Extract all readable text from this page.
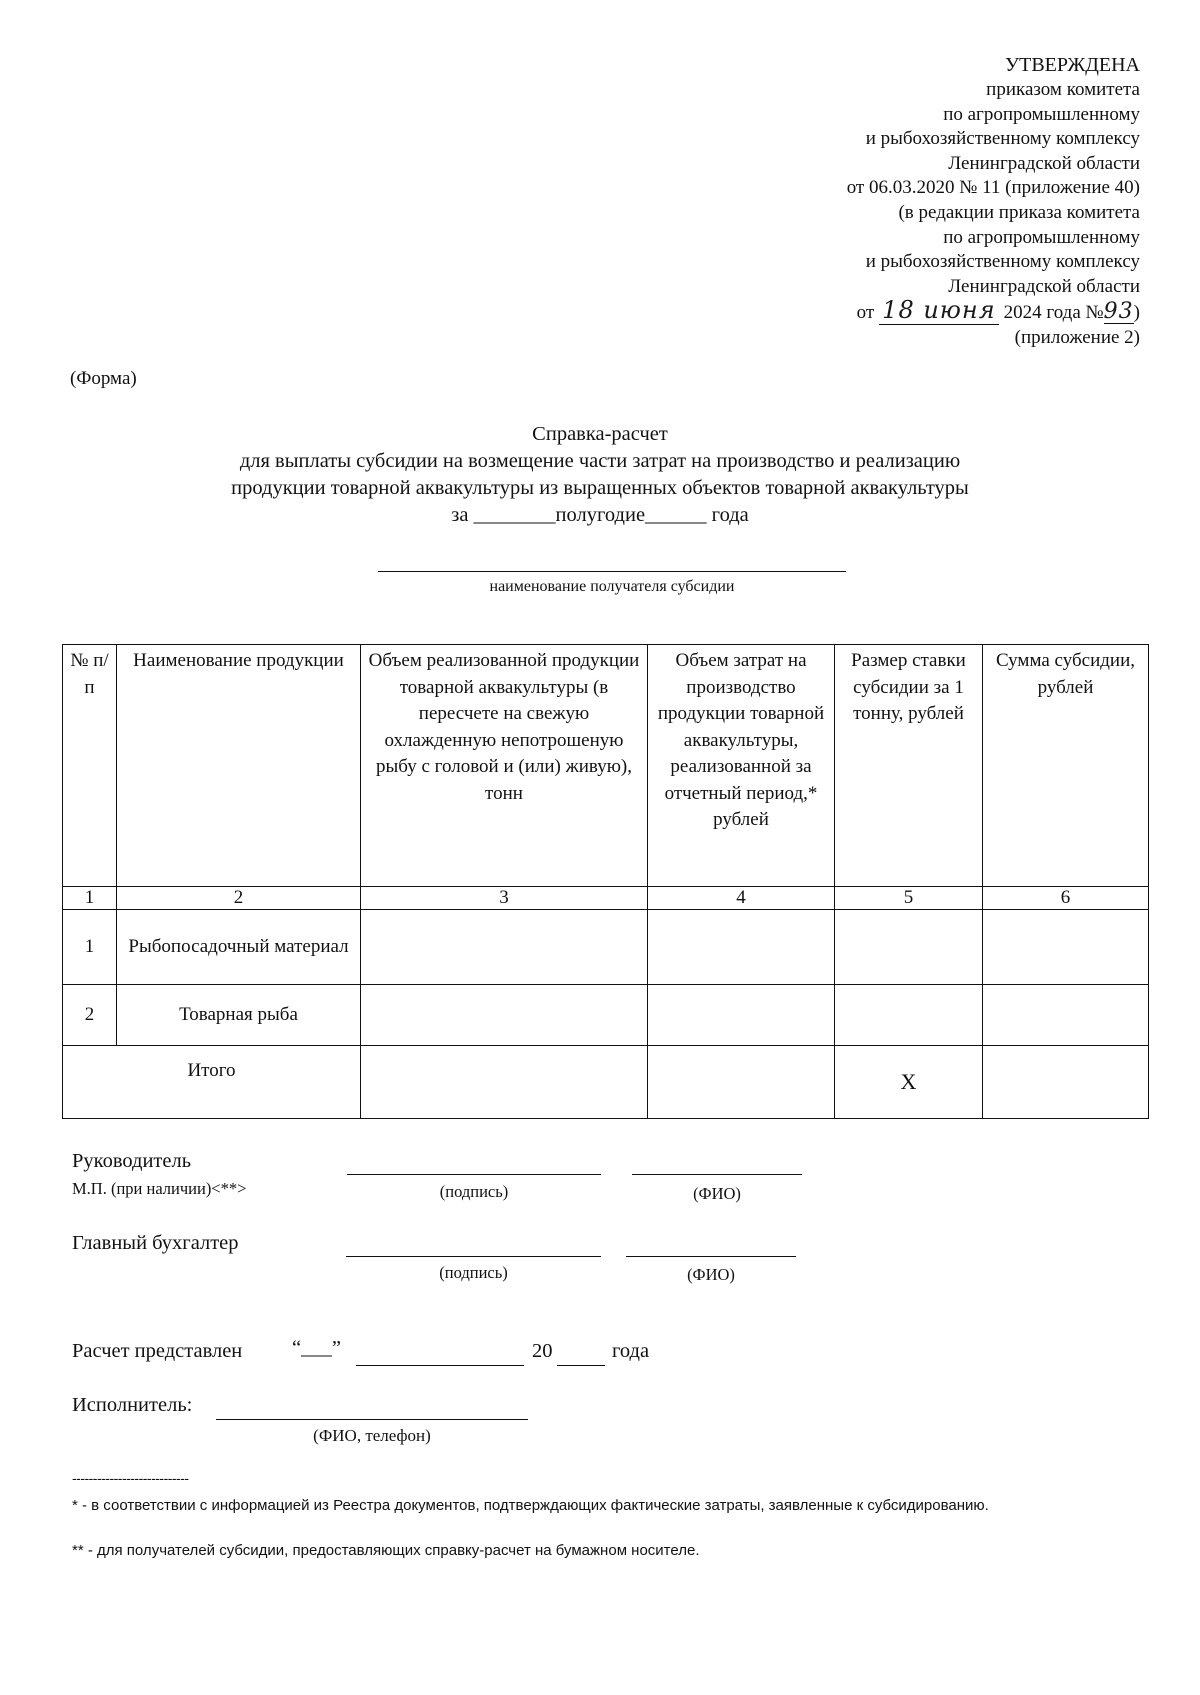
УТВЕРЖДЕНА
приказом комитета
по агропромышленному
и рыбохозяйственному комплексу
Ленинградской области
от 06.03.2020 № 11 (приложение 40)
(в редакции приказа комитета
по агропромышленному
и рыбохозяйственному комплексу
Ленинградской области
от 18 июня 2024 года №93)
(приложение 2)
(Форма)
Справка-расчет
для выплаты субсидии на возмещение части затрат на производство и реализацию
продукции товарной аквакультуры из выращенных объектов товарной аквакультуры
за ________полугодие______ года
наименование получателя субсидии
№ п/п	Наименование продукции	Объем реализованной продукции товарной аквакультуры (в пересчете на свежую охлажденную непотрошеную рыбу с головой и (или) живую), тонн	Объем затрат на производство продукции товарной аквакультуры, реализованной за отчетный период,* рублей	Размер ставки субсидии за 1 тонну, рублей	Сумма субсидии, рублей
1	2	3	4	5	6
1	Рыбопосадочный материал				
2	Товарная рыба				
Итого				X	
Руководитель
М.П. (при наличии)<**>	(подпись)	(ФИО)
Главный бухгалтер
(подпись)	(ФИО)
Расчет представлен “___”	20	года
Исполнитель:
(ФИО, телефон)
----------------------------
* - в соответствии с информацией из Реестра документов, подтверждающих фактические затраты, заявленные к субсидированию.
** - для получателей субсидии, предоставляющих справку-расчет на бумажном носителе.
